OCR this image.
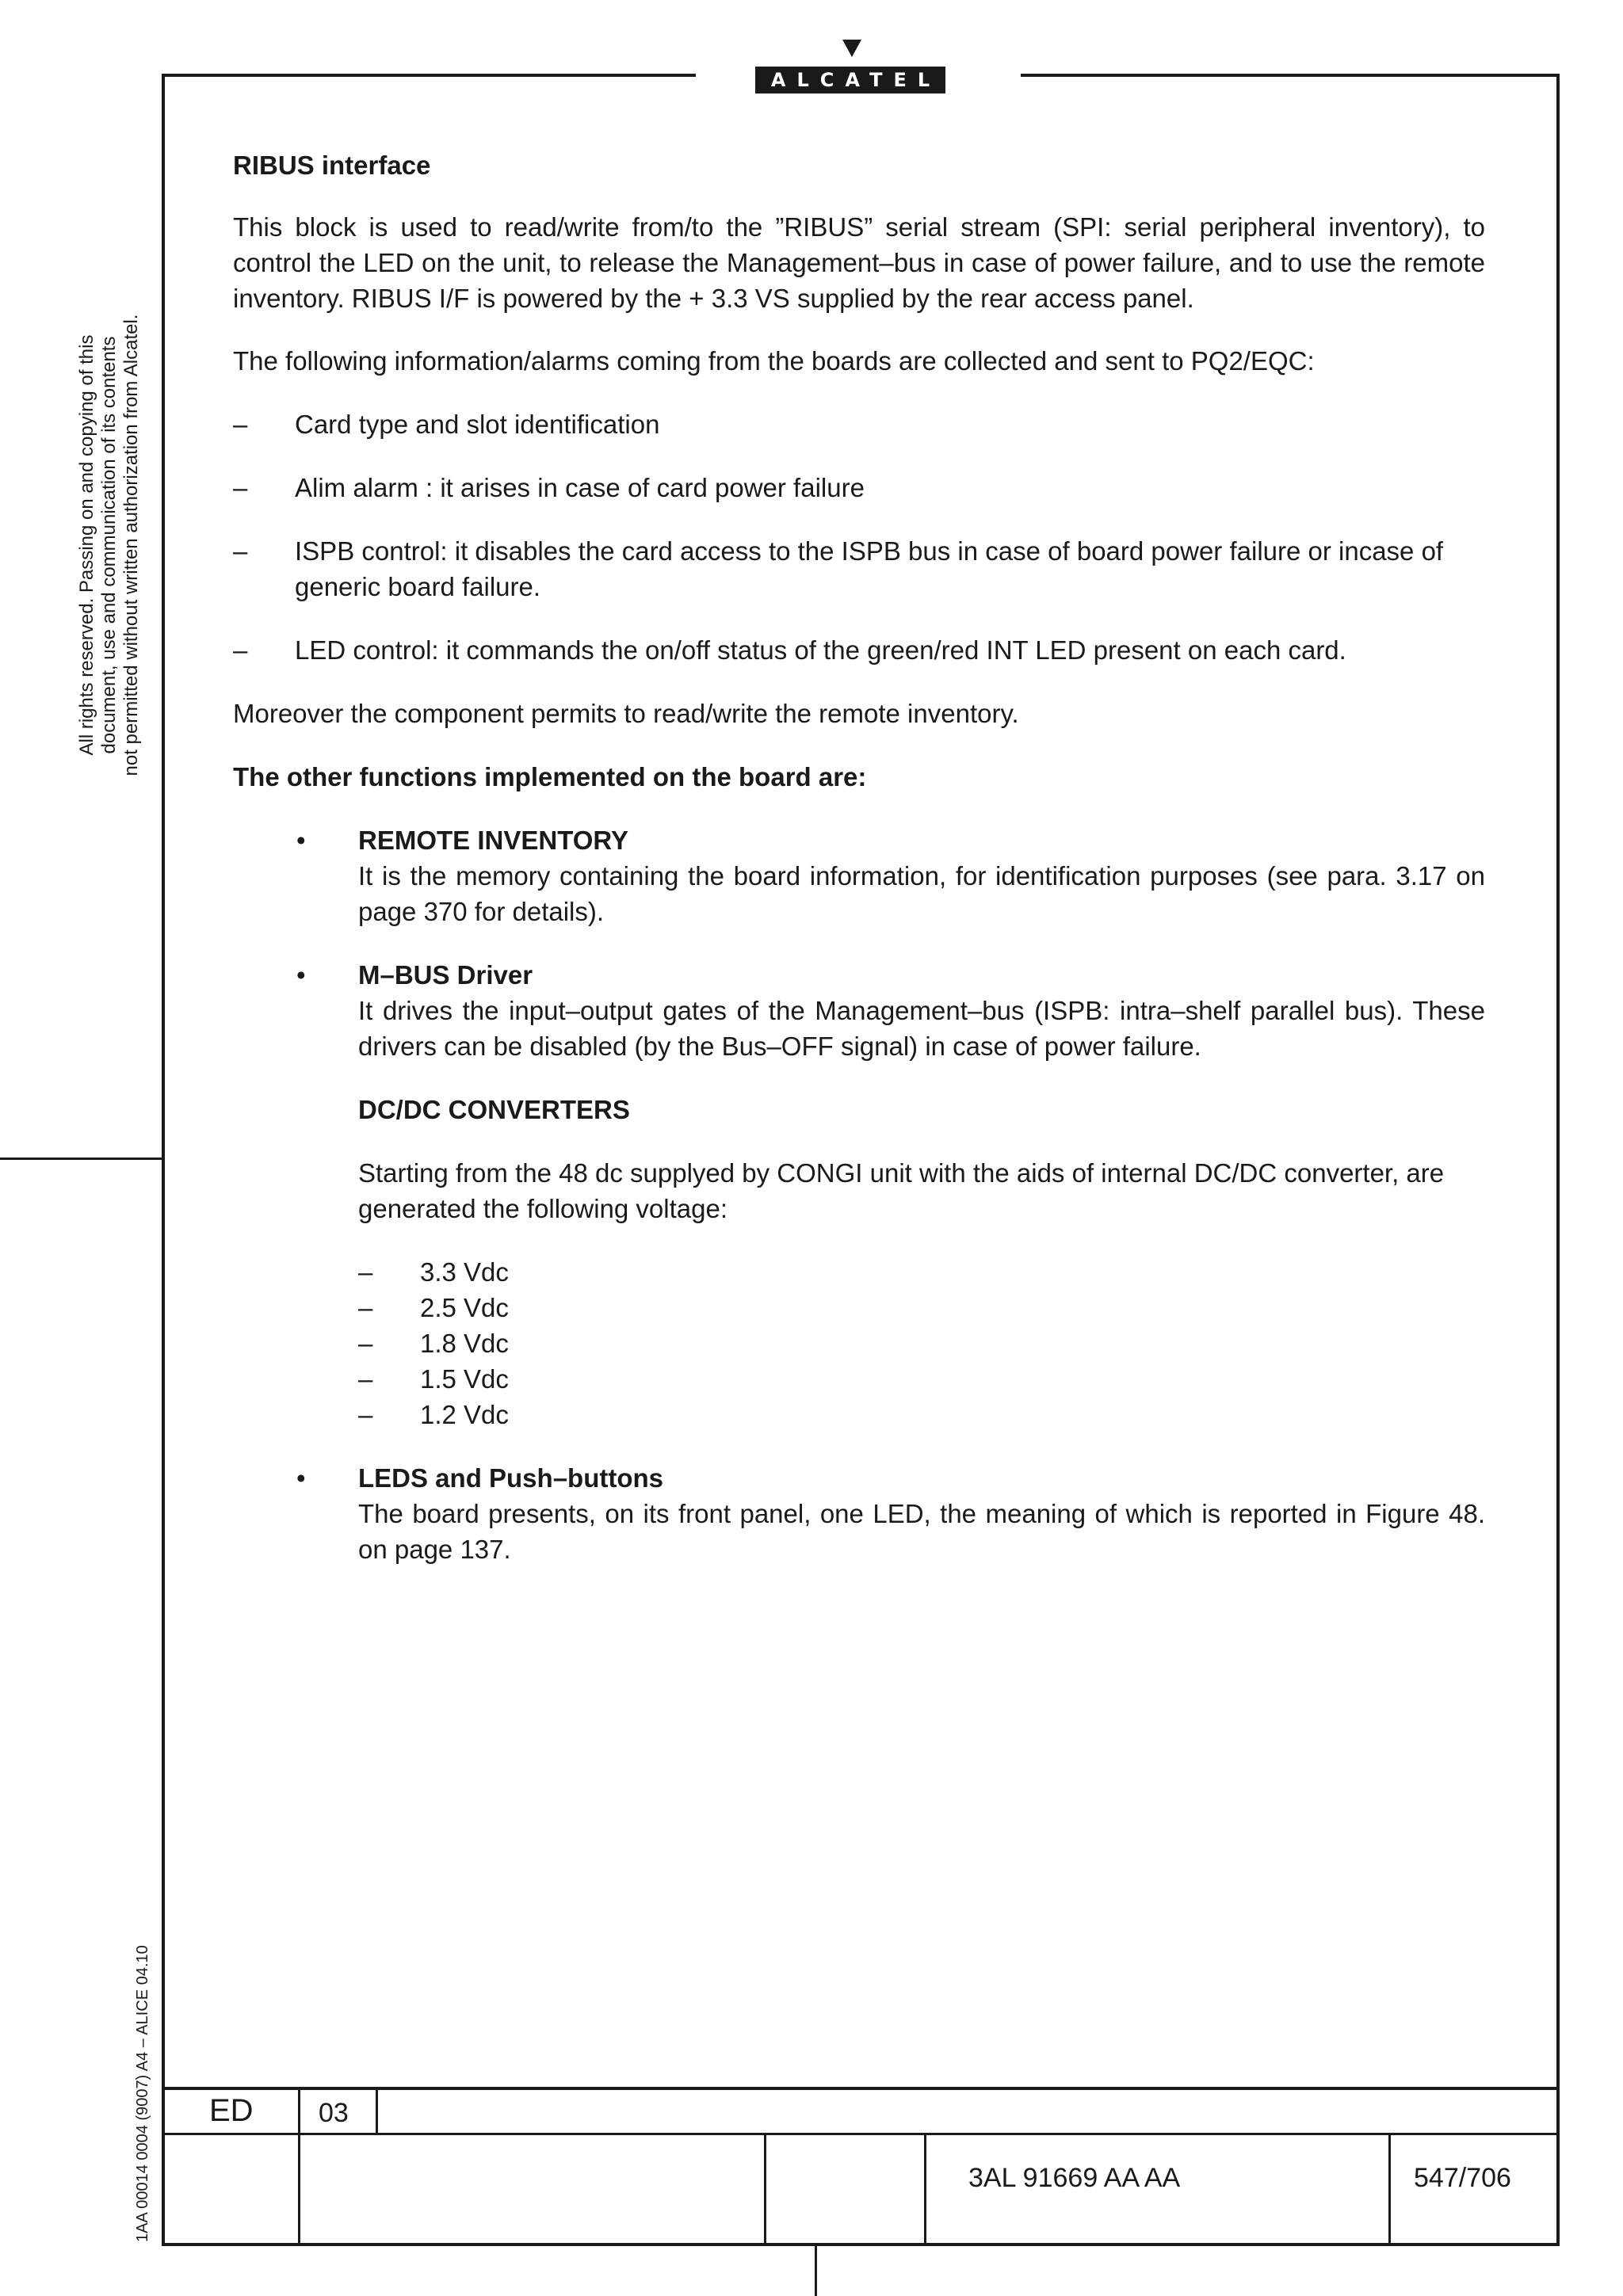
ALCATEL
All rights reserved. Passing on and copying of this document, use and communication of its contents not permitted without written authorization from Alcatel.
1AA 00014 0004 (9007) A4 – ALICE 04.10

RIBUS interface

This block is used to read/write from/to the ”RIBUS” serial stream (SPI: serial peripheral inventory), to control the LED on the unit, to release the Management–bus in case of power failure, and to use the remote inventory. RIBUS I/F is powered by the + 3.3 VS supplied by the rear access panel.

The following information/alarms coming from the boards are collected and sent to PQ2/EQC:

– Card type and slot identification
– Alim alarm : it arises in case of card power failure
– ISPB control: it disables the card access to the ISPB bus in case of board power failure or incase of generic board failure.
– LED control: it commands the on/off status of the green/red INT LED present on each card.

Moreover the component permits to read/write the remote inventory.

The other functions implemented on the board are:

• REMOTE INVENTORY
It is the memory containing the board information, for identification purposes (see para. 3.17 on page 370 for details).
• M–BUS Driver
It drives the input–output gates of the Management–bus (ISPB: intra–shelf parallel bus). These drivers can be disabled (by the Bus–OFF signal) in case of power failure.
DC/DC CONVERTERS
Starting from the 48 dc supplyed by CONGI unit with the aids of internal DC/DC converter, are generated the following voltage:
– 3.3 Vdc
– 2.5 Vdc
– 1.8 Vdc
– 1.5 Vdc
– 1.2 Vdc
• LEDS and Push–buttons
The board presents, on its front panel, one LED, the meaning of which is reported in Figure 48. on page 137.
ED 03
3AL 91669 AA AA	547/706
